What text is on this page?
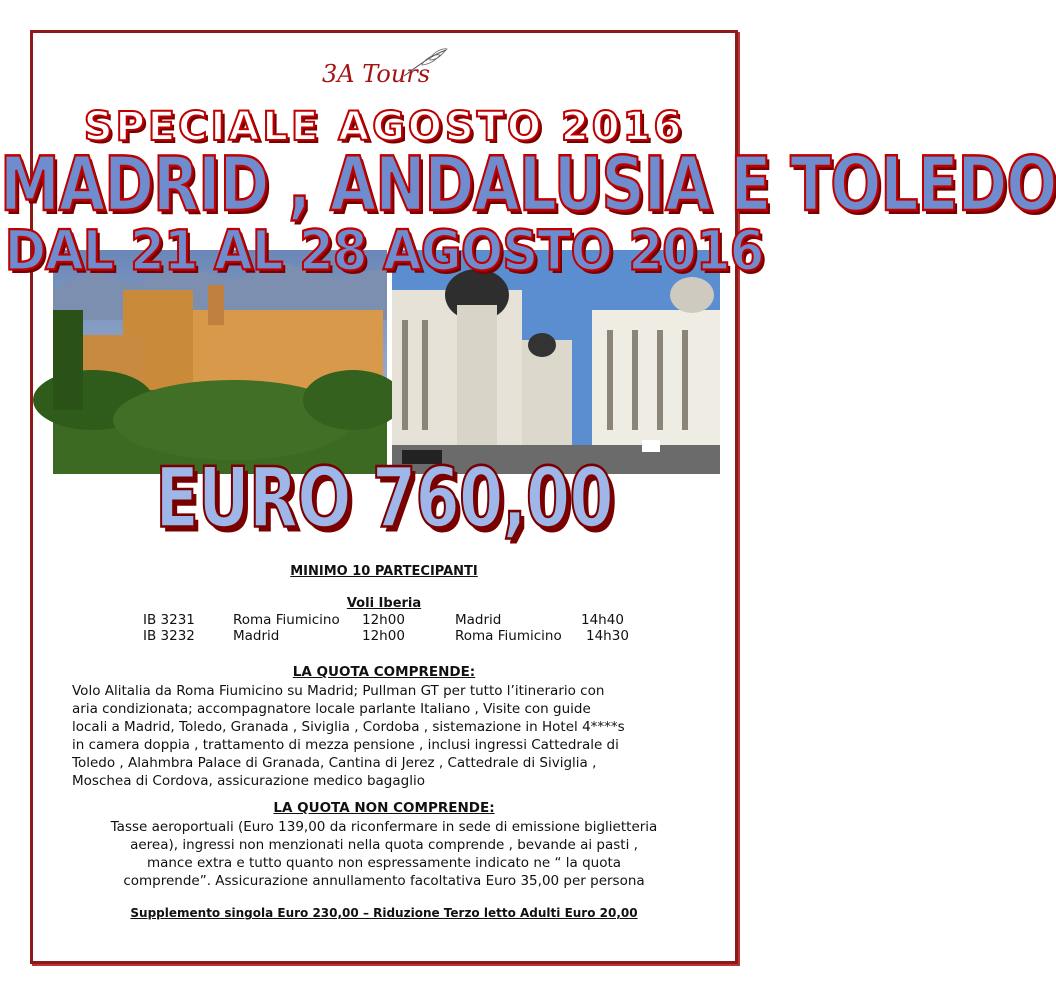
3A Tours
SPECIALE AGOSTO 2016
MADRID , ANDALUSIA E TOLEDO
DAL 21 AL 28 AGOSTO 2016
EURO 760,00
MINIMO 10 PARTECIPANTI
Voli Iberia
IB 3231	Roma Fiumicino 12h00	Madrid	14h40
IB 3232	Madrid	12h00	Roma Fiumicino 14h30
LA QUOTA COMPRENDE:
Volo Alitalia da Roma Fiumicino su Madrid; Pullman GT per tutto l’itinerario con
aria condizionata; accompagnatore locale parlante Italiano , Visite con guide
locali a Madrid, Toledo, Granada , Siviglia , Cordoba , sistemazione in Hotel 4****s
in camera doppia , trattamento di mezza pensione , inclusi ingressi Cattedrale di
Toledo , Alahmbra Palace di Granada, Cantina di Jerez , Cattedrale di Siviglia ,
Moschea di Cordova, assicurazione medico bagaglio
LA QUOTA NON COMPRENDE:
Tasse aeroportuali (Euro 139,00 da riconfermare in sede di emissione biglietteria
aerea), ingressi non menzionati nella quota comprende , bevande ai pasti ,
mance extra e tutto quanto non espressamente indicato ne “ la quota
comprende”. Assicurazione annullamento facoltativa Euro 35,00 per persona
Supplemento singola Euro 230,00 – Riduzione Terzo letto Adulti Euro 20,00
